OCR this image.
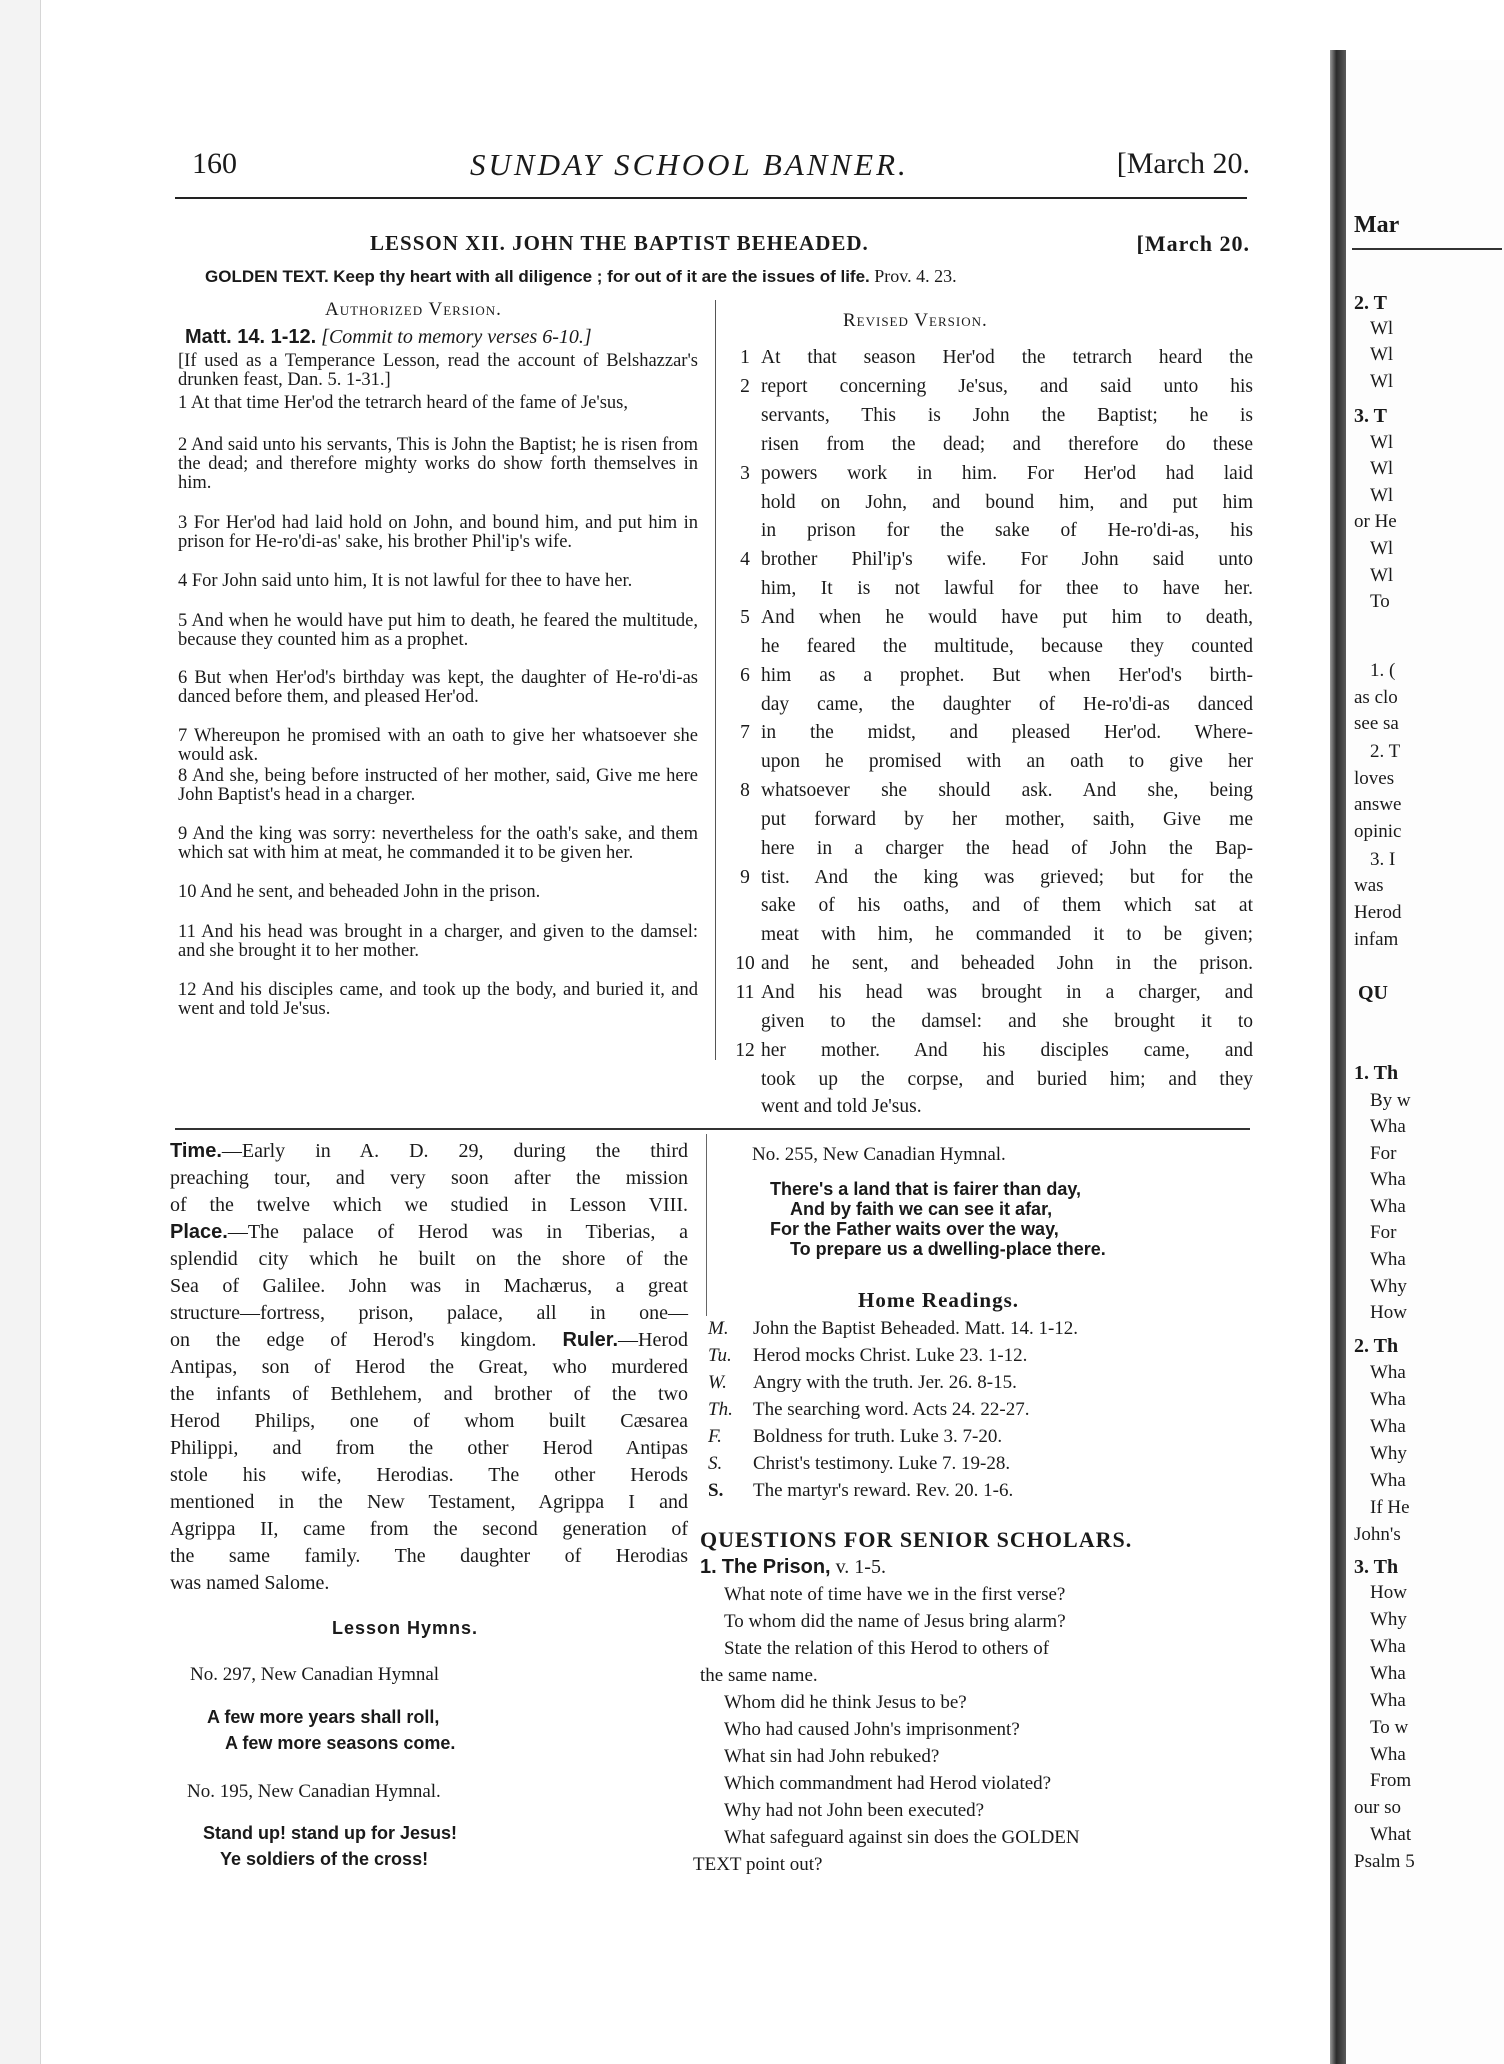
Mar
2. T
Wl
Wl
Wl
3. T
Wl
Wl
Wl
or He
Wl
Wl
To
1. (
as clo
see sa
2. T
loves
answe
opinic
3. I
was
Herod
infam
QU
1. Th
By w
Wha
For
Wha
Wha
For
Wha
Why
How
2. Th
Wha
Wha
Wha
Why
Wha
If He
John's
3. Th
How
Why
Wha
Wha
Wha
To w
Wha
From
our so
What
Psalm 5
160	SUNDAY SCHOOL BANNER.	[March 20.
LESSON XII. JOHN THE BAPTIST BEHEADED.	[March 20.
GOLDEN TEXT. Keep thy heart with all diligence ; for out of it are the issues of life. Prov. 4. 23.
Authorized Version.
Matt. 14. 1-12. [Commit to memory verses 6-10.]
[If used as a Temperance Lesson, read the account of Belshazzar's drunken feast, Dan. 5. 1-31.]
1 At that time Her'od the tetrarch heard of the fame of Je'sus,
2 And said unto his servants, This is John the Baptist; he is risen from the dead; and therefore mighty works do show forth themselves in him.
3 For Her'od had laid hold on John, and bound him, and put him in prison for He-ro'di-as' sake, his brother Phil'ip's wife.
4 For John said unto him, It is not lawful for thee to have her.
5 And when he would have put him to death, he feared the multitude, because they counted him as a prophet.
6 But when Her'od's birthday was kept, the daughter of He-ro'di-as danced before them, and pleased Her'od.
7 Whereupon he promised with an oath to give her whatsoever she would ask.
8 And she, being before instructed of her mother, said, Give me here John Baptist's head in a charger.
9 And the king was sorry: nevertheless for the oath's sake, and them which sat with him at meat, he commanded it to be given her.
10 And he sent, and beheaded John in the prison.
11 And his head was brought in a charger, and given to the damsel: and she brought it to her mother.
12 And his disciples came, and took up the body, and buried it, and went and told Je'sus.
Revised Version.
1 At that season Her'od the tetrarch heard the
2 report concerning Je'sus, and said unto his
servants, This is John the Baptist; he is
risen from the dead; and therefore do these
3 powers work in him. For Her'od had laid
hold on John, and bound him, and put him
in prison for the sake of He-ro'di-as, his
4 brother Phil'ip's wife. For John said unto
him, It is not lawful for thee to have her.
5 And when he would have put him to death,
he feared the multitude, because they counted
6 him as a prophet. But when Her'od's birth-
day came, the daughter of He-ro'di-as danced
7 in the midst, and pleased Her'od. Where-
upon he promised with an oath to give her
8 whatsoever she should ask. And she, being
put forward by her mother, saith, Give me
here in a charger the head of John the Bap-
9 tist. And the king was grieved; but for the
sake of his oaths, and of them which sat at
meat with him, he commanded it to be given;
10 and he sent, and beheaded John in the prison.
11 And his head was brought in a charger, and
given to the damsel: and she brought it to
12 her mother. And his disciples came, and
took up the corpse, and buried him; and they
went and told Je'sus.
Time.—Early in A. D. 29, during the third
preaching tour, and very soon after the mission
of the twelve which we studied in Lesson VIII.
Place.—The palace of Herod was in Tiberias, a
splendid city which he built on the shore of the
Sea of Galilee. John was in Machærus, a great
structure—fortress, prison, palace, all in one—
on the edge of Herod's kingdom. Ruler.—Herod
Antipas, son of Herod the Great, who murdered
the infants of Bethlehem, and brother of the two
Herod Philips, one of whom built Cæsarea
Philippi, and from the other Herod Antipas
stole his wife, Herodias. The other Herods
mentioned in the New Testament, Agrippa I and
Agrippa II, came from the second generation of
the same family. The daughter of Herodias
was named Salome.
Lesson Hymns.
No. 297, New Canadian Hymnal
A few more years shall roll,
A few more seasons come.
No. 195, New Canadian Hymnal.
Stand up! stand up for Jesus!
Ye soldiers of the cross!
No. 255, New Canadian Hymnal.
There's a land that is fairer than day,
And by faith we can see it afar,
For the Father waits over the way,
To prepare us a dwelling-place there.
Home Readings.
M. John the Baptist Beheaded. Matt. 14. 1-12.
Tu. Herod mocks Christ. Luke 23. 1-12.
W. Angry with the truth. Jer. 26. 8-15.
Th. The searching word. Acts 24. 22-27.
F. Boldness for truth. Luke 3. 7-20.
S. Christ's testimony. Luke 7. 19-28.
S. The martyr's reward. Rev. 20. 1-6.
QUESTIONS FOR SENIOR SCHOLARS.
1. The Prison, v. 1-5.
What note of time have we in the first verse?
To whom did the name of Jesus bring alarm?
State the relation of this Herod to others of
the same name.
Whom did he think Jesus to be?
Who had caused John's imprisonment?
What sin had John rebuked?
Which commandment had Herod violated?
Why had not John been executed?
What safeguard against sin does the GOLDEN
TEXT point out?
